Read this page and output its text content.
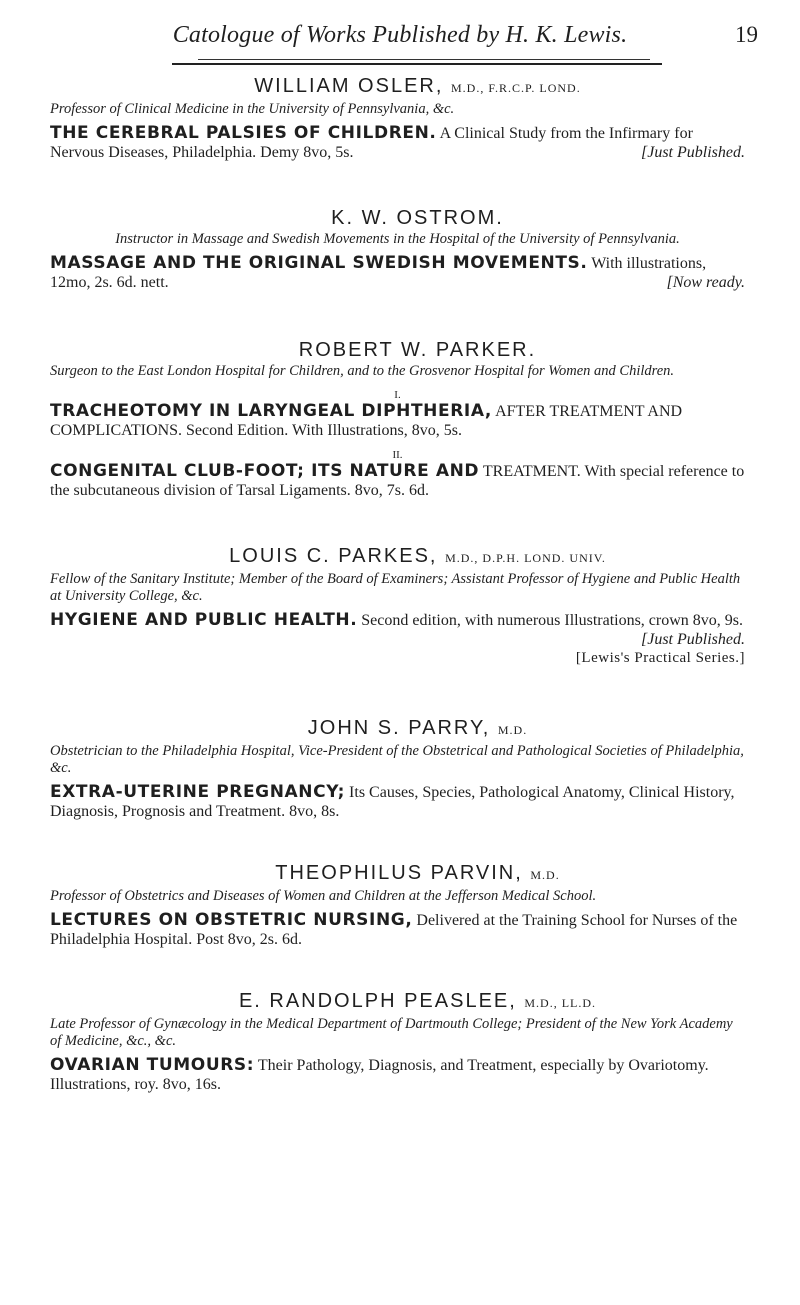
Catologue of Works Published by H. K. Lewis.	19
WILLIAM OSLER, M.D., F.R.C.P. LOND.
Professor of Clinical Medicine in the University of Pennsylvania, &c.
THE CEREBRAL PALSIES OF CHILDREN. A Clinical Study from the Infirmary for Nervous Diseases, Philadelphia. Demy 8vo, 5s.	[Just Published.
K. W. OSTROM.
Instructor in Massage and Swedish Movements in the Hospital of the University of Pennsylvania.
MASSAGE AND THE ORIGINAL SWEDISH MOVEMENTS. With illustrations, 12mo, 2s. 6d. nett.	[Now ready.
ROBERT W. PARKER.
Surgeon to the East London Hospital for Children, and to the Grosvenor Hospital for Women and Children.
I.
TRACHEOTOMY IN LARYNGEAL DIPHTHERIA, AFTER TREATMENT AND COMPLICATIONS. Second Edition. With Illustrations, 8vo, 5s.
II.
CONGENITAL CLUB-FOOT; ITS NATURE AND TREATMENT. With special reference to the subcutaneous division of Tarsal Ligaments. 8vo, 7s. 6d.
LOUIS C. PARKES, M.D., D.P.H. LOND. UNIV.
Fellow of the Sanitary Institute; Member of the Board of Examiners; Assistant Professor of Hygiene and Public Health at University College, &c.
HYGIENE AND PUBLIC HEALTH. Second edition, with numerous Illustrations, crown 8vo, 9s.
[Just Published.
[Lewis's Practical Series.]
JOHN S. PARRY, M.D.
Obstetrician to the Philadelphia Hospital, Vice-President of the Obstetrical and Pathological Societies of Philadelphia, &c.
EXTRA-UTERINE PREGNANCY; Its Causes, Species, Pathological Anatomy, Clinical History, Diagnosis, Prognosis and Treatment. 8vo, 8s.
THEOPHILUS PARVIN, M.D.
Professor of Obstetrics and Diseases of Women and Children at the Jefferson Medical School.
LECTURES ON OBSTETRIC NURSING, Delivered at the Training School for Nurses of the Philadelphia Hospital. Post 8vo, 2s. 6d.
E. RANDOLPH PEASLEE, M.D., LL.D.
Late Professor of Gynæcology in the Medical Department of Dartmouth College; President of the New York Academy of Medicine, &c., &c.
OVARIAN TUMOURS: Their Pathology, Diagnosis, and Treatment, especially by Ovariotomy. Illustrations, roy. 8vo, 16s.
